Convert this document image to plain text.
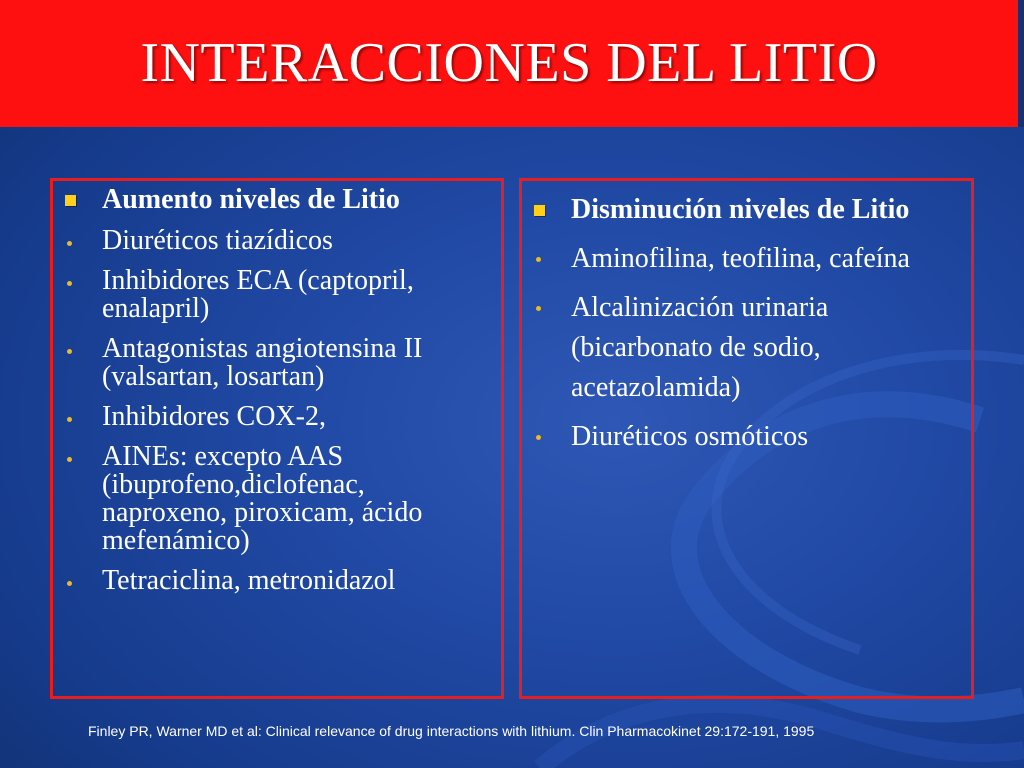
INTERACCIONES DEL LITIO
Aumento niveles de Litio
Diuréticos tiazídicos
Inhibidores ECA (captopril, enalapril)
Antagonistas angiotensina II (valsartan, losartan)
Inhibidores COX-2,
AINEs: excepto AAS (ibuprofeno,diclofenac, naproxeno, piroxicam, ácido mefenámico)
Tetraciclina, metronidazol
Disminución niveles de Litio
Aminofilina, teofilina, cafeína
Alcalinización urinaria (bicarbonato de sodio, acetazolamida)
Diuréticos osmóticos
Finley PR, Warner MD et al: Clinical relevance of drug interactions with lithium. Clin Pharmacokinet 29:172-191, 1995
